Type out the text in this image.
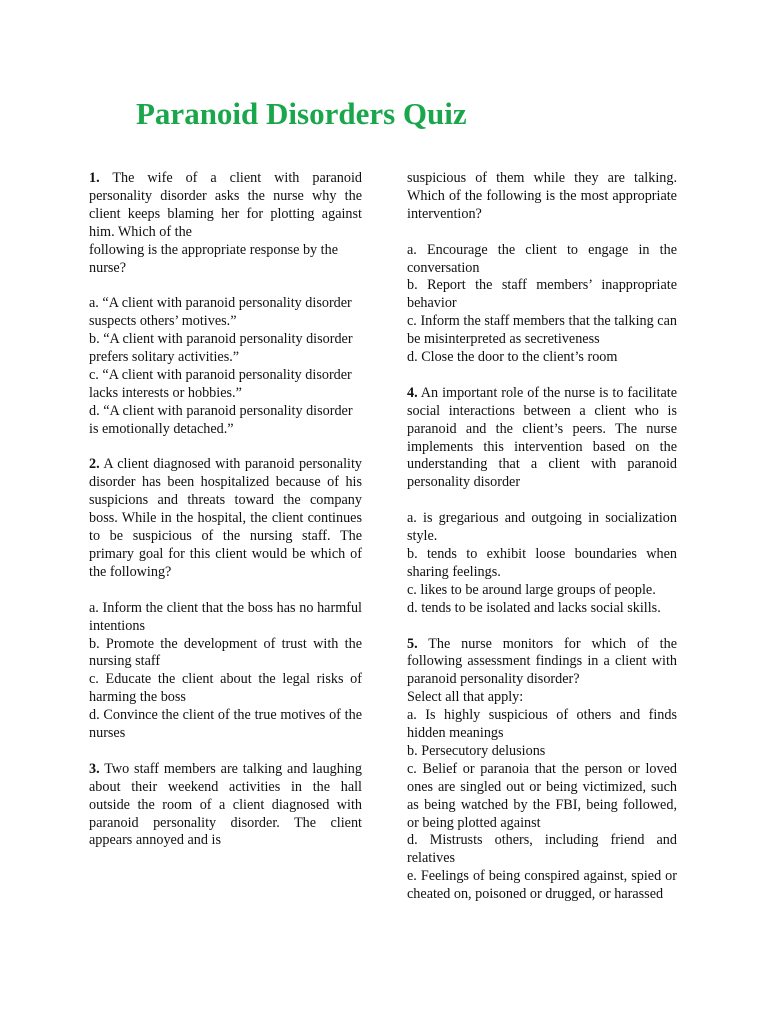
Paranoid Disorders Quiz

1. The wife of a client with paranoid personality disorder asks the nurse why the client keeps blaming her for plotting against him. Which of the

following is the appropriate response by the nurse?

a. “A client with paranoid personality disorder

suspects others’ motives.”

b. “A client with paranoid personality disorder

prefers solitary activities.”

c. “A client with paranoid personality disorder

lacks interests or hobbies.”

d. “A client with paranoid personality disorder

is emotionally detached.”

2. A client diagnosed with paranoid personality disorder has been hospitalized because of his suspicions and threats toward the company boss. While in the hospital, the client continues to be suspicious of the nursing staff. The primary goal for this client would be which of the following?

a. Inform the client that the boss has no harmful intentions

b. Promote the development of trust with the nursing staff

c. Educate the client about the legal risks of harming the boss

d. Convince the client of the true motives of the nurses

3. Two staff members are talking and laughing about their weekend activities in the hall outside the room of a client diagnosed with paranoid personality disorder. The client appears annoyed and is

suspicious of them while they are talking. Which of the following is the most appropriate intervention?

a. Encourage the client to engage in the conversation

b. Report the staff members’ inappropriate behavior

c. Inform the staff members that the talking can be misinterpreted as secretiveness

d. Close the door to the client’s room

4. An important role of the nurse is to facilitate social interactions between a client who is paranoid and the client’s peers. The nurse implements this intervention based on the understanding that a client with paranoid personality disorder

a. is gregarious and outgoing in socialization style.

b. tends to exhibit loose boundaries when sharing feelings.

c. likes to be around large groups of people.

d. tends to be isolated and lacks social skills.

5. The nurse monitors for which of the following assessment findings in a client with paranoid personality disorder?

Select all that apply:

a. Is highly suspicious of others and finds hidden meanings

b. Persecutory delusions

c. Belief or paranoia that the person or loved ones are singled out or being victimized, such as being watched by the FBI, being followed, or being plotted against

d. Mistrusts others, including friend and relatives

e. Feelings of being conspired against, spied or cheated on, poisoned or drugged, or harassed
